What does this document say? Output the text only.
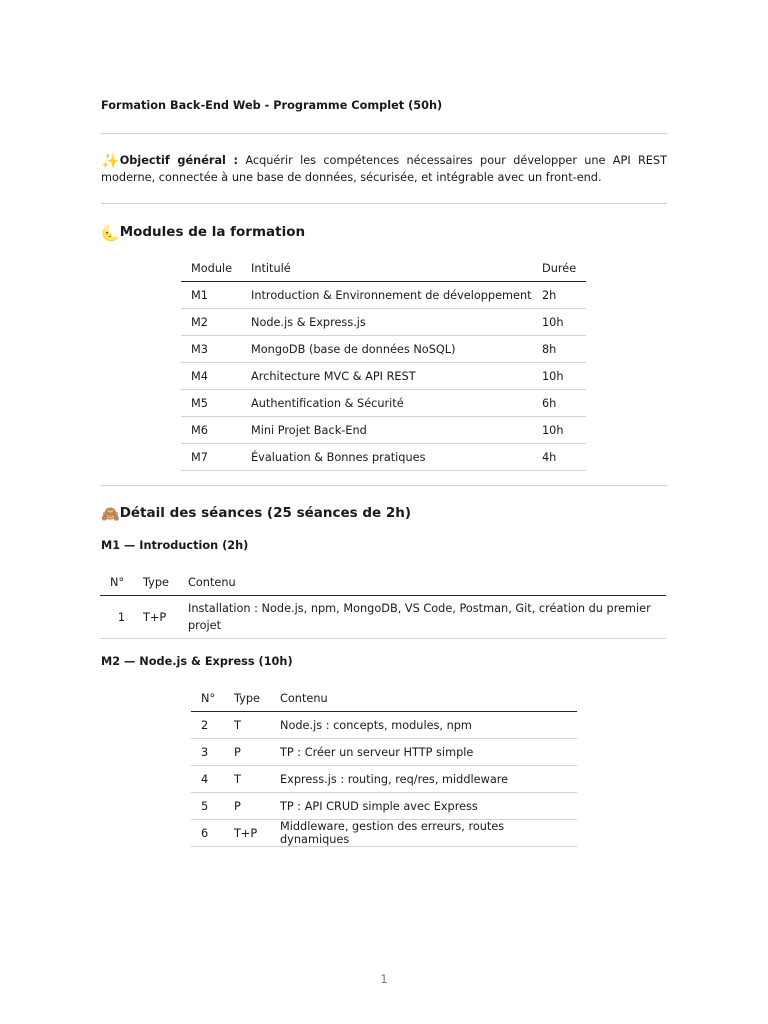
Formation Back-End Web - Programme Complet (50h)
✨Objectif général : Acquérir les compétences nécessaires pour développer une API REST moderne, connectée à une base de données, sécurisée, et intégrable avec un front-end.
🌜Modules de la formation
Module	Intitulé	Durée
M1	Introduction & Environnement de développement	2h
M2	Node.js & Express.js	10h
M3	MongoDB (base de données NoSQL)	8h
M4	Architecture MVC & API REST	10h
M5	Authentification & Sécurité	6h
M6	Mini Projet Back-End	10h
M7	Évaluation & Bonnes pratiques	4h
🙈Détail des séances (25 séances de 2h)
M1 — Introduction (2h)
N°	Type	Contenu
1	T+P	Installation : Node.js, npm, MongoDB, VS Code, Postman, Git, création du premier projet
M2 — Node.js & Express (10h)
N°	Type	Contenu
2	T	Node.js : concepts, modules, npm
3	P	TP : Créer un serveur HTTP simple
4	T	Express.js : routing, req/res, middleware
5	P	TP : API CRUD simple avec Express
6	T+P	Middleware, gestion des erreurs, routes dynamiques
1
